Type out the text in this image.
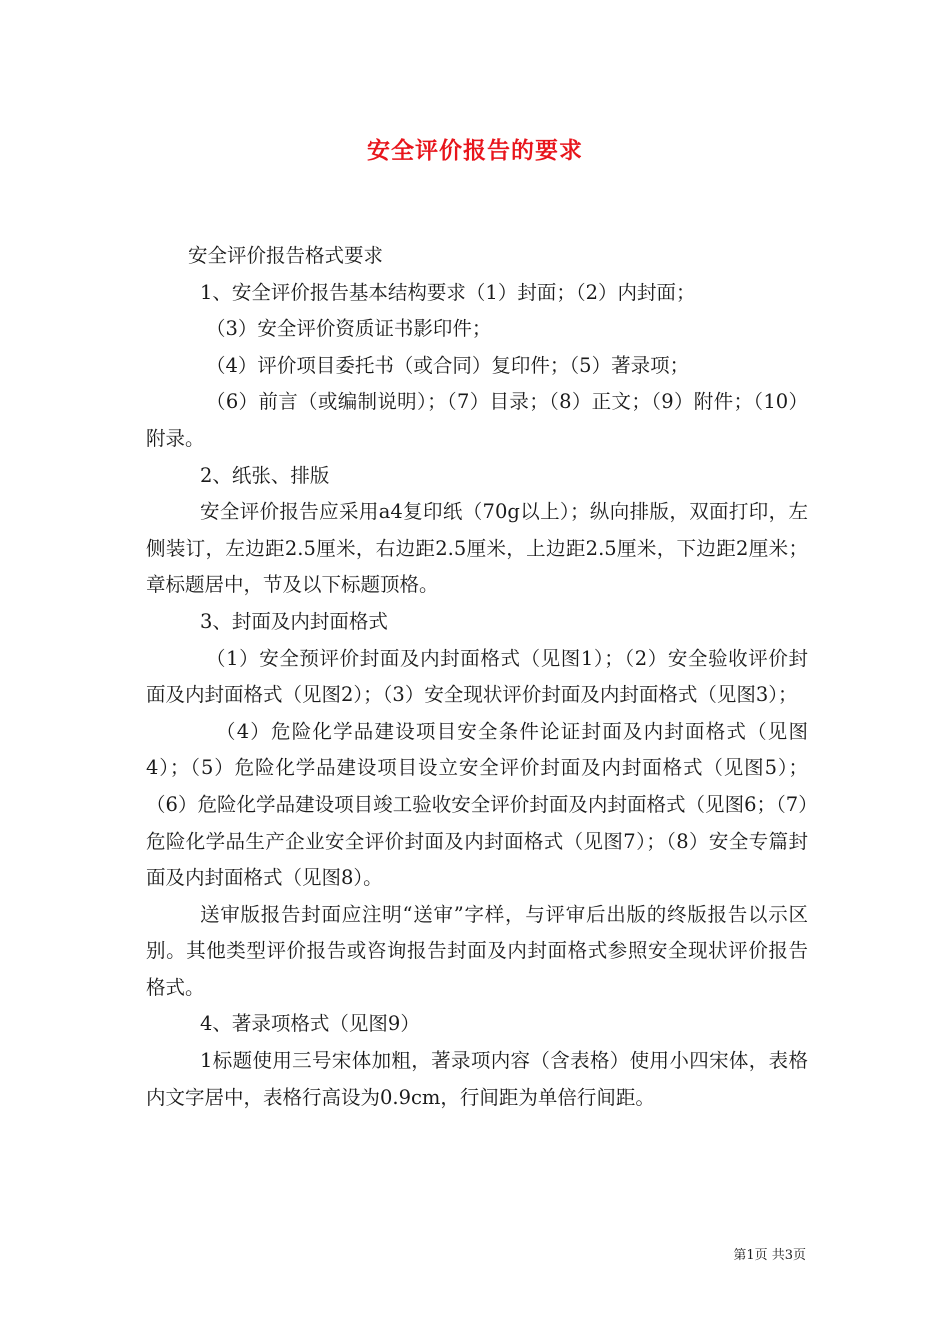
安全评价报告的要求

安全评价报告格式要求

1、安全评价报告基本结构要求（1）封面；（2）内封面；

（3）安全评价资质证书影印件；

（4）评价项目委托书（或合同）复印件；（5）著录项；

（6）前言（或编制说明）；（7）目录；（8）正文；（9）附件；（10）附录。

2、纸张、排版

安全评价报告应采用a4复印纸（70g以上）；纵向排版，双面打印，左侧装订，左边距2.5厘米，右边距2.5厘米，上边距2.5厘米，下边距2厘米；章标题居中，节及以下标题顶格。

3、封面及内封面格式

（1）安全预评价封面及内封面格式（见图1）；（2）安全验收评价封面及内封面格式（见图2）；（3）安全现状评价封面及内封面格式（见图3）；

（4）危险化学品建设项目安全条件论证封面及内封面格式（见图4）；（5）危险化学品建设项目设立安全评价封面及内封面格式（见图5）；（6）危险化学品建设项目竣工验收安全评价封面及内封面格式（见图6；（7）危险化学品生产企业安全评价封面及内封面格式（见图7）；（8）安全专篇封面及内封面格式（见图8）。

送审版报告封面应注明“送审”字样，与评审后出版的终版报告以示区别。其他类型评价报告或咨询报告封面及内封面格式参照安全现状评价报告格式。

4、著录项格式（见图9）

1标题使用三号宋体加粗，著录项内容（含表格）使用小四宋体，表格内文字居中，表格行高设为0.9cm，行间距为单倍行间距。

第1页 共3页
